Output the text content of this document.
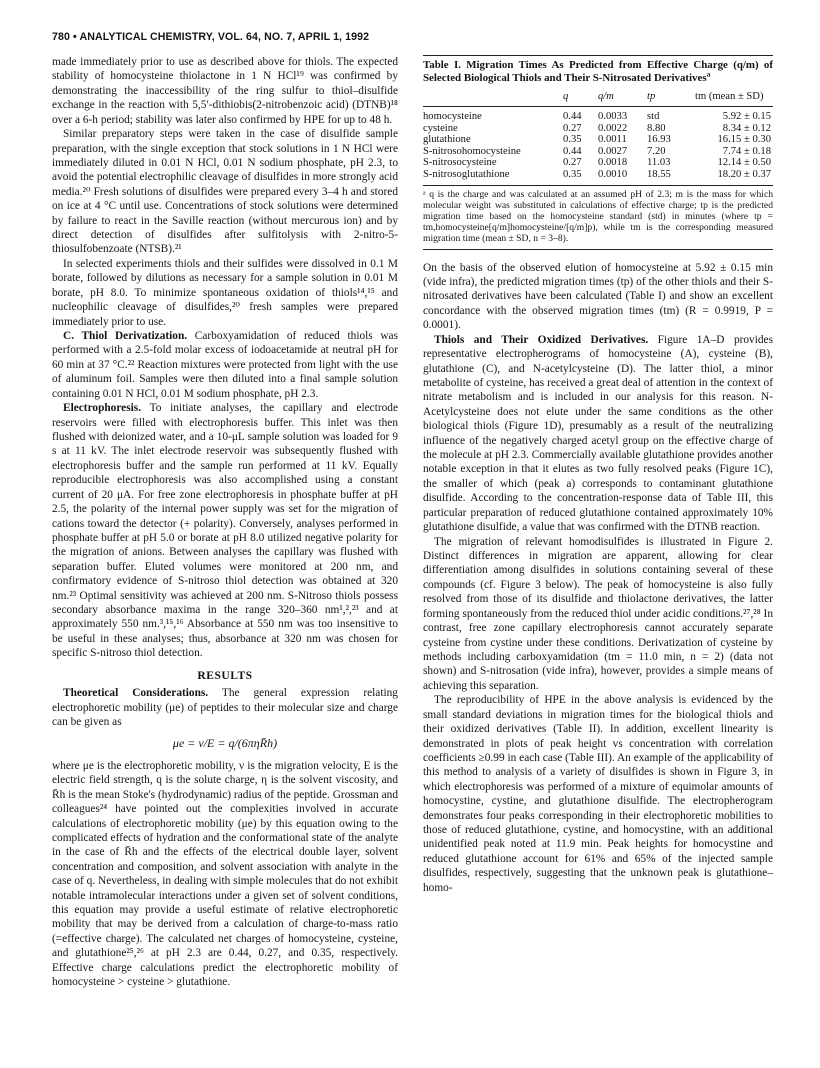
780 • ANALYTICAL CHEMISTRY, VOL. 64, NO. 7, APRIL 1, 1992

made immediately prior to use as described above for thiols. The expected stability of homocysteine thiolactone in 1 N HCl¹⁹ was confirmed by demonstrating the inaccessibility of the ring sulfur to thiol–disulfide exchange in the reaction with 5,5′-dithiobis(2-nitrobenzoic acid) (DTNB)¹⁸ over a 6-h period; stability was later also confirmed by HPE for up to 48 h.

Similar preparatory steps were taken in the case of disulfide sample preparation, with the single exception that stock solutions in 1 N HCl were immediately diluted in 0.01 N HCl, 0.01 N sodium phosphate, pH 2.3, to avoid the potential electrophilic cleavage of disulfides in more strongly acid media.²⁰ Fresh solutions of disulfides were prepared every 3–4 h and stored on ice at 4 °C until use. Concentrations of stock solutions were determined by failure to react in the Saville reaction (without mercurous ion) and by direct detection of disulfides after sulfitolysis with 2-nitro-5-thiosulfobenzoate (NTSB).²¹

In selected experiments thiols and their sulfides were dissolved in 0.1 M borate, followed by dilutions as necessary for a sample solution in 0.01 M borate, pH 8.0. To minimize spontaneous oxidation of thiols¹⁴,¹⁵ and nucleophilic cleavage of disulfides,²⁰ fresh samples were prepared immediately prior to use.

C. Thiol Derivatization. Carboxyamidation of reduced thiols was performed with a 2.5-fold molar excess of iodoacetamide at neutral pH for 60 min at 37 °C.²² Reaction mixtures were protected from light with the use of aluminum foil. Samples were then diluted into a final sample solution containing 0.01 N HCl, 0.01 M sodium phosphate, pH 2.3.

Electrophoresis. To initiate analyses, the capillary and electrode reservoirs were filled with electrophoresis buffer. This inlet was then flushed with deionized water, and a 10-μL sample solution was loaded for 9 s at 11 kV. The inlet electrode reservoir was subsequently flushed with electrophoresis buffer and the sample run performed at 11 kV. Equally reproducible electrophoresis was also accomplished using a constant current of 20 μA. For free zone electrophoresis in phosphate buffer at pH 2.5, the polarity of the internal power supply was set for the migration of cations toward the detector (+ polarity). Conversely, analyses performed in phosphate buffer at pH 5.0 or borate at pH 8.0 utilized negative polarity for the migration of anions. Between analyses the capillary was flushed with separation buffer. Eluted volumes were monitored at 200 nm, and confirmatory evidence of S-nitroso thiol detection was obtained at 320 nm.²³ Optimal sensitivity was achieved at 200 nm. S-Nitroso thiols possess secondary absorbance maxima in the range 320–360 nm¹,²,²³ and at approximately 550 nm.³,¹⁵,¹⁶ Absorbance at 550 nm was too insensitive to be useful in these analyses; thus, absorbance at 320 nm was chosen for specific S-nitroso thiol detection.

RESULTS

Theoretical Considerations. The general expression relating electrophoretic mobility (μe) of peptides to their molecular size and charge can be given as

μe = ν/E = q/(6πηR̄h)

where μe is the electrophoretic mobility, ν is the migration velocity, E is the electric field strength, q is the solute charge, η is the solvent viscosity, and R̄h is the mean Stoke's (hydrodynamic) radius of the peptide. Grossman and colleagues²⁴ have pointed out the complexities involved in accurate calculations of electrophoretic mobility (μe) by this equation owing to the complicated effects of hydration and the conformational state of the analyte in the case of R̄h and the effects of the electrical double layer, solvent concentration and composition, and solvent association with analyte in the case of q. Nevertheless, in dealing with simple molecules that do not exhibit notable intramolecular interactions under a given set of solvent conditions, this equation may provide a useful estimate of relative electrophoretic mobility that may be derived from a calculation of charge-to-mass ratio (=effective charge). The calculated net charges of homocysteine, cysteine, and glutathione²⁵,²⁶ at pH 2.3 are 0.44, 0.27, and 0.35, respectively. Effective charge calculations predict the electrophoretic mobility of homocysteine > cysteine > glutathione.

Table I. Migration Times As Predicted from Effective Charge (q/m) of Selected Biological Thiols and Their S-Nitrosated Derivatives$^a$
	q	q/m	tp	tm (mean ± SD)
homocysteine	0.44	0.0033	std	5.92 ± 0.15
cysteine	0.27	0.0022	8.80	8.34 ± 0.12
glutathione	0.35	0.0011	16.93	16.15 ± 0.30
S-nitrosohomocysteine	0.44	0.0027	7.20	7.74 ± 0.18
S-nitrosocysteine	0.27	0.0018	11.03	12.14 ± 0.50
S-nitrosoglutathione	0.35	0.0010	18.55	18.20 ± 0.37
ᵃ q is the charge and was calculated at an assumed pH of 2.3; m is the mass for which molecular weight was substituted in calculations of effective charge; tp is the predicted migration time based on the homocysteine standard (std) in minutes (where tp = tm,homocysteine[q/m]homocysteine/[q/m]p), while tm is the corresponding measured migration time (mean ± SD, n = 3–8).

On the basis of the observed elution of homocysteine at 5.92 ± 0.15 min (vide infra), the predicted migration times (tp) of the other thiols and their S-nitrosated derivatives have been calculated (Table I) and show an excellent concordance with the observed migration times (tm) (R = 0.9919, P = 0.0001).

Thiols and Their Oxidized Derivatives. Figure 1A–D provides representative electropherograms of homocysteine (A), cysteine (B), glutathione (C), and N-acetylcysteine (D). The latter thiol, a minor metabolite of cysteine, has received a great deal of attention in the context of nitrate metabolism and is included in our analysis for this reason. N-Acetylcysteine does not elute under the same conditions as the other biological thiols (Figure 1D), presumably as a result of the neutralizing influence of the negatively charged acetyl group on the effective charge of the molecule at pH 2.3. Commercially available glutathione provides another notable exception in that it elutes as two fully resolved peaks (Figure 1C), the smaller of which (peak a) corresponds to contaminant glutathione disulfide. According to the concentration-response data of Table III, this particular preparation of reduced glutathione contained approximately 10% glutathione disulfide, a value that was confirmed with the DTNB reaction.

The migration of relevant homodisulfides is illustrated in Figure 2. Distinct differences in migration are apparent, allowing for clear differentiation among disulfides in solutions containing several of these compounds (cf. Figure 3 below). The peak of homocysteine is also fully resolved from those of its disulfide and thiolactone derivatives, the latter forming spontaneously from the reduced thiol under acidic conditions.²⁷,²⁸ In contrast, free zone capillary electrophoresis cannot accurately separate cysteine from cystine under these conditions. Derivatization of cysteine by methods including carboxyamidation (tm = 11.0 min, n = 2) (data not shown) and S-nitrosation (vide infra), however, provides a simple means of achieving this separation.

The reproducibility of HPE in the above analysis is evidenced by the small standard deviations in migration times for the biological thiols and their oxidized derivatives (Table II). In addition, excellent linearity is demonstrated in plots of peak height vs concentration with correlation coefficients ≥0.99 in each case (Table III). An example of the applicability of this method to analysis of a variety of disulfides is shown in Figure 3, in which electrophoresis was performed of a mixture of equimolar amounts of homocystine, cystine, and glutathione disulfide. The electropherogram demonstrates four peaks corresponding in their electrophoretic mobilities to those of reduced glutathione, cystine, and homocystine, with an additional unidentified peak noted at 11.9 min. Peak heights for homocystine and reduced glutathione account for 61% and 65% of the injected sample disulfides, respectively, suggesting that the unknown peak is glutathione–homo-
